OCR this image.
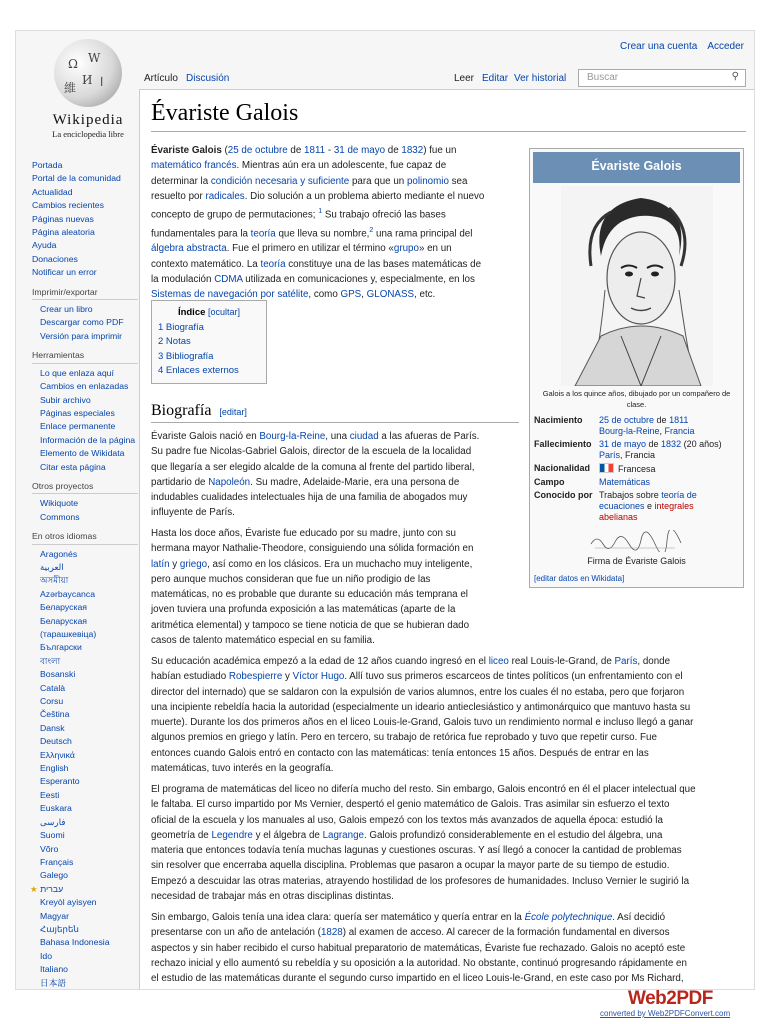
Crear una cuenta Acceder
Ω W
И
維 ا
Wikipedia
La enciclopedia libre
Portada
Portal de la comunidad
Actualidad
Cambios recientes
Páginas nuevas
Página aleatoria
Ayuda
Donaciones
Notificar un error
Imprimir/exportar
Crear un libro
Descargar como PDF
Versión para imprimir
Herramientas
Lo que enlaza aquí
Cambios en enlazadas
Subir archivo
Páginas especiales
Enlace permanente
Información de la página
Elemento de Wikidata
Citar esta página
Otros proyectos
Wikiquote
Commons
En otros idiomas
Aragonés
العربية
অসমীয়া
Azərbaycanca
Беларуская
Беларуская (тарашкевіца)
Български
বাংলা
Bosanski
Català
Corsu
Čeština
Dansk
Deutsch
Ελληνικά
English
Esperanto
Eesti
Euskara
فارسی
Suomi
Võro
Français
Galego
★ עברית
Kreyòl ayisyen
Magyar
Հայերեն
Bahasa Indonesia
Ido
Italiano
日本語
Artículo Discusión	Leer Editar Ver historial	Buscar	⚲
Évariste Galois
Évariste Galois (25 de octubre de 1811 - 31 de mayo de 1832) fue un
matemático francés. Mientras aún era un adolescente, fue capaz de
determinar la condición necesaria y suficiente para que un polinomio sea
resuelto por radicales. Dio solución a un problema abierto mediante el nuevo
concepto de grupo de permutaciones; $^1$ Su trabajo ofreció las bases
fundamentales para la teoría que lleva su nombre,$^2$ una rama principal del
álgebra abstracta. Fue el primero en utilizar el término «grupo» en un
contexto matemático. La teoría constituye una de las bases matemáticas de
la modulación CDMA utilizada en comunicaciones y, especialmente, en los
Sistemas de navegación por satélite, como GPS, GLONASS, etc.
Índice [ocultar]
1 Biografía
2 Notas
3 Bibliografía
4 Enlaces externos
Biografía [editar]
Évariste Galois nació en Bourg-la-Reine, una ciudad a las afueras de París.
Su padre fue Nicolas-Gabriel Galois, director de la escuela de la localidad
que llegaría a ser elegido alcalde de la comuna al frente del partido liberal,
partidario de Napoleón. Su madre, Adelaide-Marie, era una persona de
indudables cualidades intelectuales hija de una familia de abogados muy
influyente de París.
Hasta los doce años, Évariste fue educado por su madre, junto con su
hermana mayor Nathalie-Theodore, consiguiendo una sólida formación en
latín y griego, así como en los clásicos. Era un muchacho muy inteligente,
pero aunque muchos consideran que fue un niño prodigio de las
matemáticas, no es probable que durante su educación más temprana el
joven tuviera una profunda exposición a las matemáticas (aparte de la
aritmética elemental) y tampoco se tiene noticia de que se hubieran dado
casos de talento matemático especial en su familia.
Su educación académica empezó a la edad de 12 años cuando ingresó en el liceo real Louis-le-Grand, de París, donde
habían estudiado Robespierre y Víctor Hugo. Allí tuvo sus primeros escarceos de tintes políticos (un enfrentamiento con el
director del internado) que se saldaron con la expulsión de varios alumnos, entre los cuales él no estaba, pero que forjaron
una incipiente rebeldía hacia la autoridad (especialmente un ideario antieclesiástico y antimonárquico que mantuvo hasta su
muerte). Durante los dos primeros años en el liceo Louis-le-Grand, Galois tuvo un rendimiento normal e incluso llegó a ganar
algunos premios en griego y latín. Pero en tercero, su trabajo de retórica fue reprobado y tuvo que repetir curso. Fue
entonces cuando Galois entró en contacto con las matemáticas: tenía entonces 15 años. Después de entrar en las
matemáticas, tuvo interés en la geografía.
El programa de matemáticas del liceo no difería mucho del resto. Sin embargo, Galois encontró en él el placer intelectual que
le faltaba. El curso impartido por Ms Vernier, despertó el genio matemático de Galois. Tras asimilar sin esfuerzo el texto
oficial de la escuela y los manuales al uso, Galois empezó con los textos más avanzados de aquella época: estudió la
geometría de Legendre y el álgebra de Lagrange. Galois profundizó considerablemente en el estudio del álgebra, una
materia que entonces todavía tenía muchas lagunas y cuestiones oscuras. Y así llegó a conocer la cantidad de problemas
sin resolver que encerraba aquella disciplina. Problemas que pasaron a ocupar la mayor parte de su tiempo de estudio.
Empezó a descuidar las otras materias, atrayendo hostilidad de los profesores de humanidades. Incluso Vernier le sugirió la
necesidad de trabajar más en otras disciplinas distintas.
Sin embargo, Galois tenía una idea clara: quería ser matemático y quería entrar en la École polytechnique. Así decidió
presentarse con un año de antelación (1828) al examen de acceso. Al carecer de la formación fundamental en diversos
aspectos y sin haber recibido el curso habitual preparatorio de matemáticas, Évariste fue rechazado. Galois no aceptó este
rechazo inicial y ello aumentó su rebeldía y su oposición a la autoridad. No obstante, continuó progresando rápidamente en
el estudio de las matemáticas durante el segundo curso impartido en el liceo Louis-le-Grand, en este caso por Ms Richard,
Évariste Galois
Galois a los quince años, dibujado por un compañero de clase.
Nacimiento	25 de octubre de 1811
Bourg-la-Reine, Francia

Fallecimiento	31 de mayo de 1832 (20 años)
París, Francia

Nacionalidad	Francesa

Campo	Matemáticas

Conocido por	Trabajos sobre teoría de
ecuaciones e integrales
abelianas
Firma de Évariste Galois
[editar datos en Wikidata]
Web2PDF
converted by Web2PDFConvert.com
